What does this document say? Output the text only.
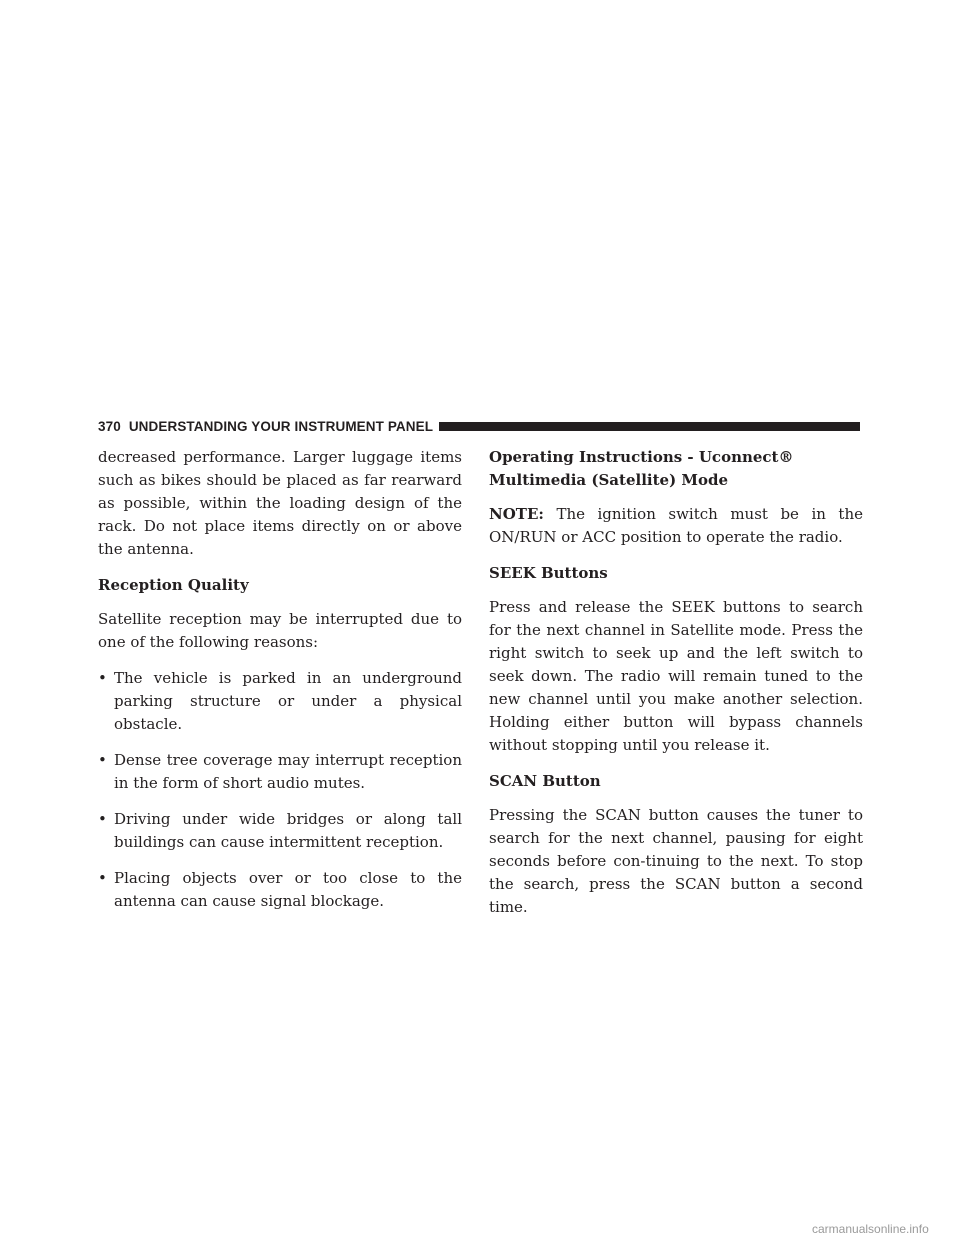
370 UNDERSTANDING YOUR INSTRUMENT PANEL

decreased performance. Larger luggage items such as bikes should be placed as far rearward as possible, within the loading design of the rack. Do not place items directly on or above the antenna.

Reception Quality

Satellite reception may be interrupted due to one of the following reasons:

• The vehicle is parked in an underground parking structure or under a physical obstacle.
• Dense tree coverage may interrupt reception in the form of short audio mutes.
• Driving under wide bridges or along tall buildings can cause intermittent reception.
• Placing objects over or too close to the antenna can cause signal blockage.
Operating Instructions - Uconnect® Multimedia (Satellite) Mode

NOTE: The ignition switch must be in the ON/RUN or ACC position to operate the radio.

SEEK Buttons

Press and release the SEEK buttons to search for the next channel in Satellite mode. Press the right switch to seek up and the left switch to seek down. The radio will remain tuned to the new channel until you make another selection. Holding either button will bypass channels without stopping until you release it.

SCAN Button

Pressing the SCAN button causes the tuner to search for the next channel, pausing for eight seconds before con-tinuing to the next. To stop the search, press the SCAN button a second time.

carmanualsonline.info
